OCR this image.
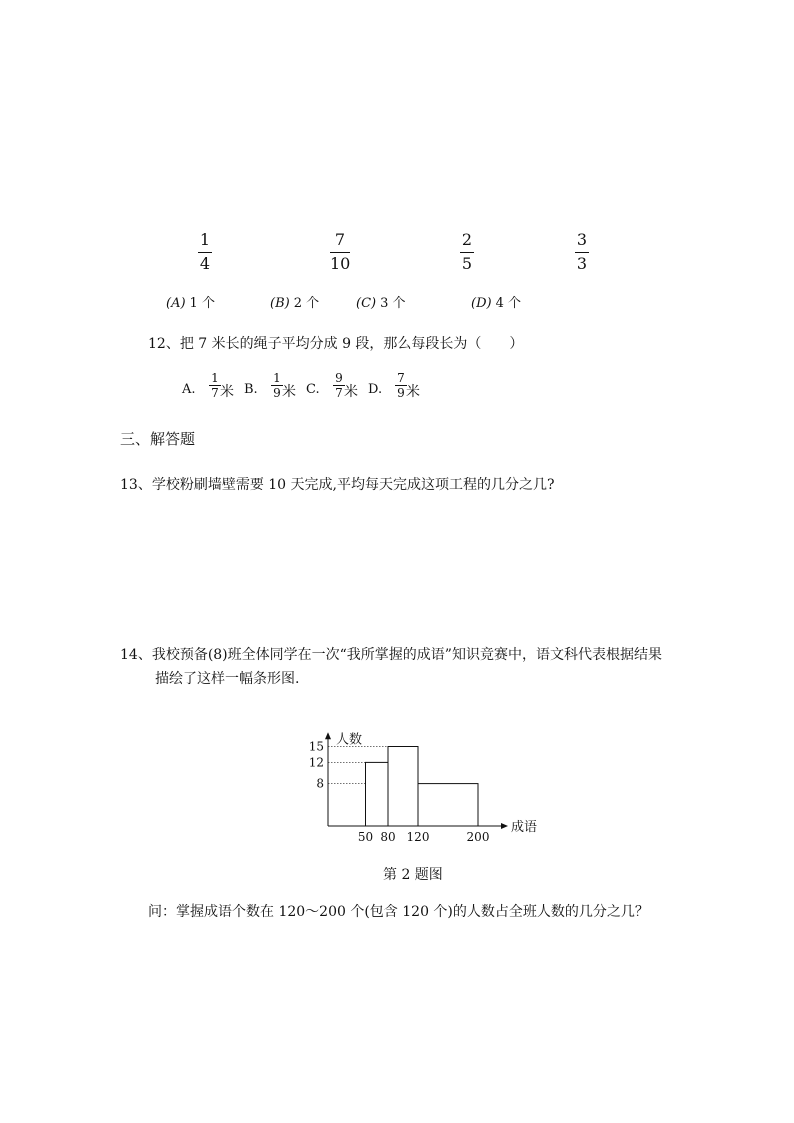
1
4
7
10
2
5
3
3
(A) 1 个	(B) 2 个	(C) 3 个	(D) 4 个
12、把 7 米长的绳子平均分成 9 段，那么每段长为（　　）
A.
1
7 米 B.
1
9 米 C.
9
7 米 D.
7
9 米
三、解答题
13、学校粉刷墙壁需要 10 天完成,平均每天完成这项工程的几分之几?
14、我校预备(8)班全体同学在一次“我所掌握的成语”知识竞赛中，语文科代表根据结果
描绘了这样一幅条形图.
8
12
15
50 80 120	200
人数
成语
第 2 题图
问：掌握成语个数在 120～200 个(包含 120 个)的人数占全班人数的几分之几？
